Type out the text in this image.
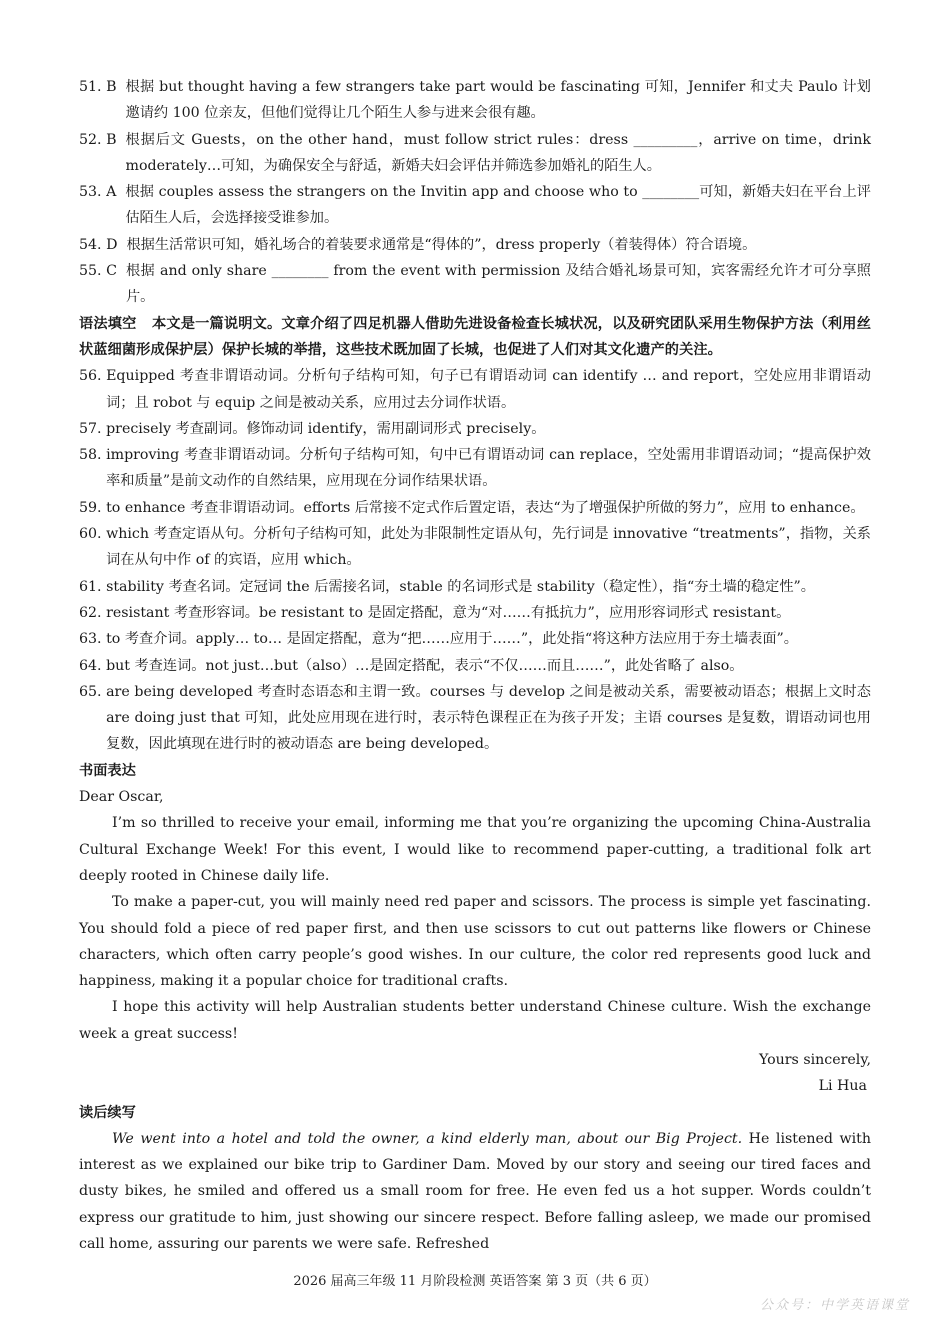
51. B
根据 but thought having a few strangers take part would be fascinating 可知，Jennifer 和丈夫 Paulo 计划邀请约 100 位亲友，但他们觉得让几个陌生人参与进来会很有趣。
52. B
根据后文 Guests，on the other hand，must follow strict rules：dress _________，arrive on time，drink moderately…可知，为确保安全与舒适，新婚夫妇会评估并筛选参加婚礼的陌生人。
53. A
根据 couples assess the strangers on the Invitin app and choose who to ________可知，新婚夫妇在平台上评估陌生人后，会选择接受谁参加。
54. D
根据生活常识可知，婚礼场合的着装要求通常是“得体的”，dress properly（着装得体）符合语境。
55. C
根据 and only share ________ from the event with permission 及结合婚礼场景可知，宾客需经允许才可分享照片。
语法填空 本文是一篇说明文。文章介绍了四足机器人借助先进设备检查长城状况，以及研究团队采用生物保护方法（利用丝状蓝细菌形成保护层）保护长城的举措，这些技术既加固了长城，也促进了人们对其文化遗产的关注。
56. Equipped 考查非谓语动词。分析句子结构可知，句子已有谓语动词 can identify … and report，空处应用非谓语动词；且 robot 与 equip 之间是被动关系，应用过去分词作状语。
57. precisely 考查副词。修饰动词 identify，需用副词形式 precisely。
58. improving 考查非谓语动词。分析句子结构可知，句中已有谓语动词 can replace，空处需用非谓语动词；“提高保护效率和质量”是前文动作的自然结果，应用现在分词作结果状语。
59. to enhance 考查非谓语动词。efforts 后常接不定式作后置定语，表达“为了增强保护所做的努力”，应用 to enhance。
60. which 考查定语从句。分析句子结构可知，此处为非限制性定语从句，先行词是 innovative “treatments”，指物，关系词在从句中作 of 的宾语，应用 which。
61. stability 考查名词。定冠词 the 后需接名词，stable 的名词形式是 stability（稳定性），指“夯土墙的稳定性”。
62. resistant 考查形容词。be resistant to 是固定搭配，意为“对……有抵抗力”，应用形容词形式 resistant。
63. to 考查介词。apply… to… 是固定搭配，意为“把……应用于……”，此处指“将这种方法应用于夯土墙表面”。
64. but 考查连词。not just…but（also）…是固定搭配，表示“不仅……而且……”，此处省略了 also。
65. are being developed 考查时态语态和主谓一致。courses 与 develop 之间是被动关系，需要被动语态；根据上文时态 are doing just that 可知，此处应用现在进行时，表示特色课程正在为孩子开发；主语 courses 是复数，谓语动词也用复数，因此填现在进行时的被动语态 are being developed。
书面表达

Dear Oscar,

I’m so thrilled to receive your email, informing me that you’re organizing the upcoming China-Australia Cultural Exchange Week! For this event, I would like to recommend paper-cutting, a traditional folk art deeply rooted in Chinese daily life.

To make a paper-cut, you will mainly need red paper and scissors. The process is simple yet fascinating. You should fold a piece of red paper first, and then use scissors to cut out patterns like flowers or Chinese characters, which often carry people’s good wishes. In our culture, the color red represents good luck and happiness, making it a popular choice for traditional crafts.

I hope this activity will help Australian students better understand Chinese culture. Wish the exchange week a great success!

Yours sincerely,

Li Hua

读后续写

We went into a hotel and told the owner, a kind elderly man, about our Big Project. He listened with interest as we explained our bike trip to Gardiner Dam. Moved by our story and seeing our tired faces and dusty bikes, he smiled and offered us a small room for free. He even fed us a hot supper. Words couldn’t express our gratitude to him, just showing our sincere respect. Before falling asleep, we made our promised call home, assuring our parents we were safe. Refreshed

2026 届高三年级 11 月阶段检测 英语答案 第 3 页（共 6 页）
公众号：中学英语课堂
